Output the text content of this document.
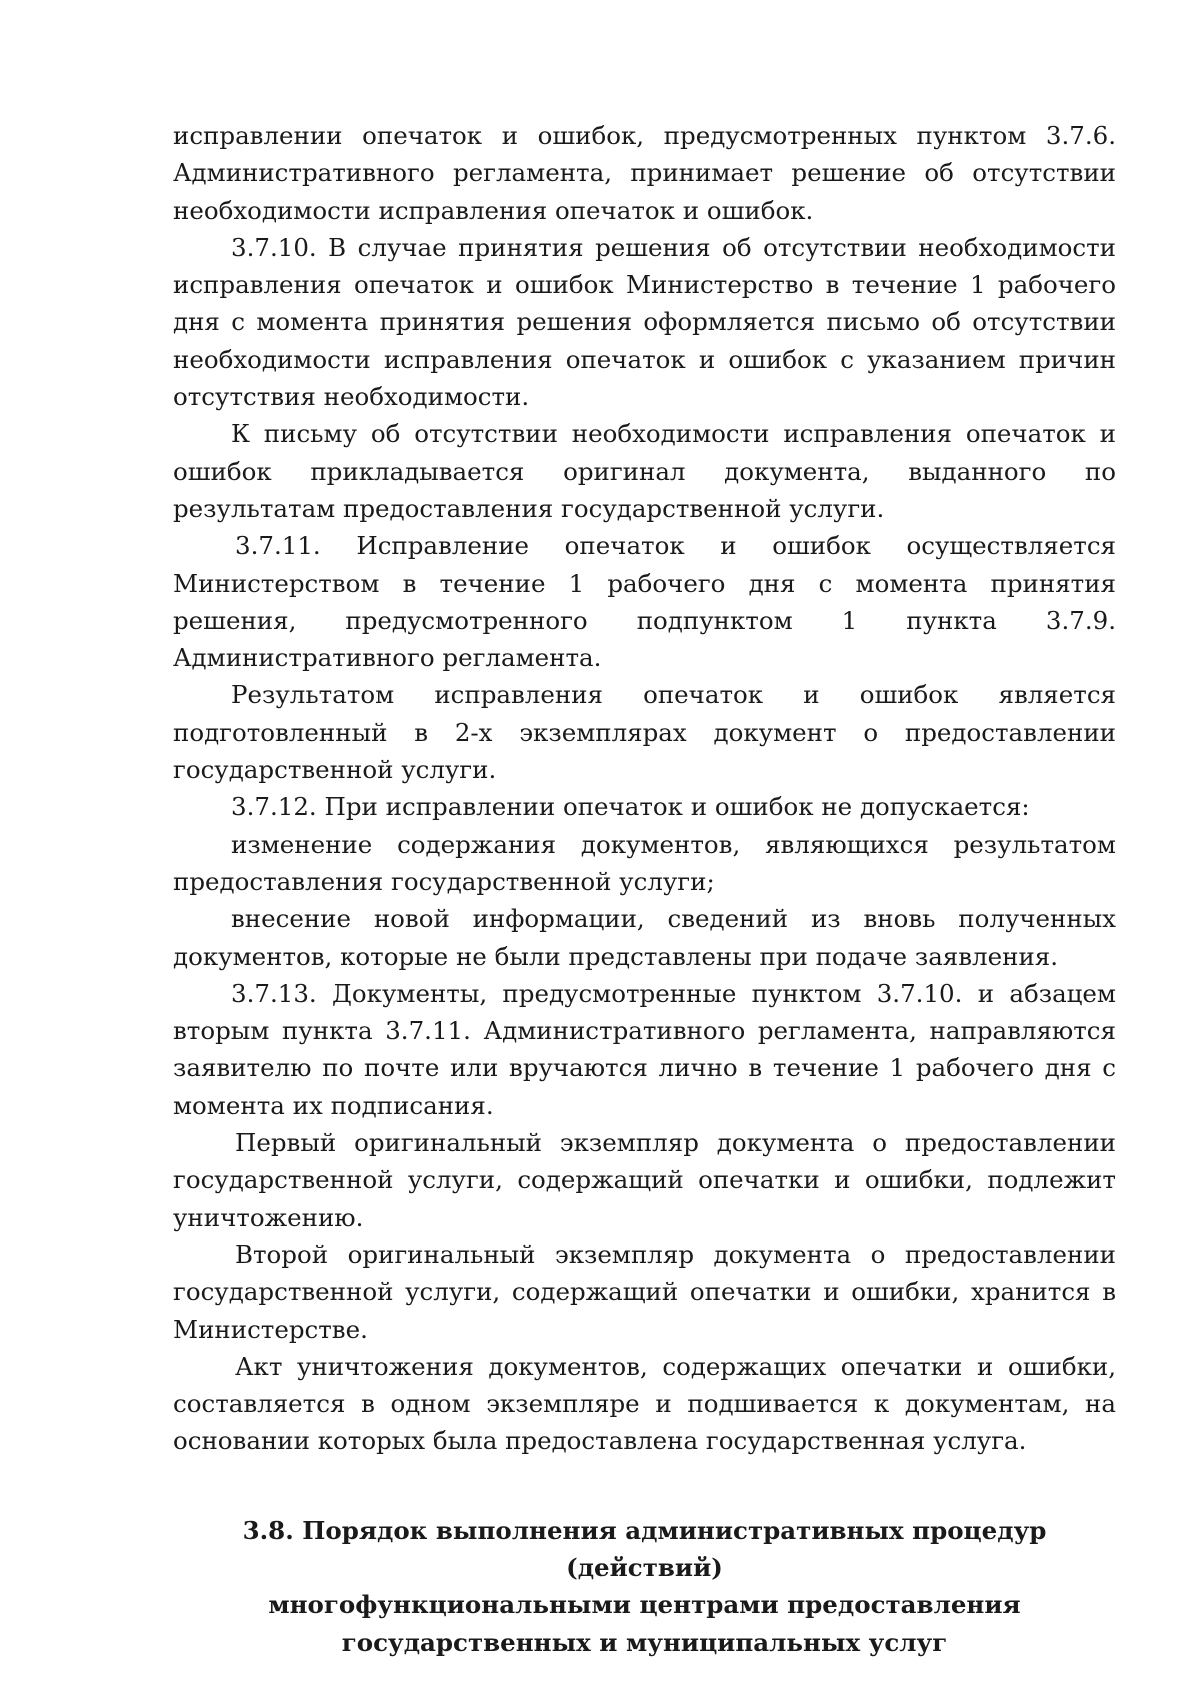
исправлении опечаток и ошибок, предусмотренных пунктом 3.7.6. Административного регламента, принимает решение об отсутствии необходимости исправления опечаток и ошибок.

3.7.10. В случае принятия решения об отсутствии необходимости исправления опечаток и ошибок Министерство в течение 1 рабочего дня с момента принятия решения оформляется письмо об отсутствии необходимости исправления опечаток и ошибок с указанием причин отсутствия необходимости.

К письму об отсутствии необходимости исправления опечаток и ошибок прикладывается оригинал документа, выданного по результатам предоставления государственной услуги.

3.7.11. Исправление опечаток и ошибок осуществляется Министерством в течение 1 рабочего дня с момента принятия решения, предусмотренного подпунктом 1 пункта 3.7.9. Административного регламента.

Результатом исправления опечаток и ошибок является подготовленный в 2-х экземплярах документ о предоставлении государственной услуги.

3.7.12. При исправлении опечаток и ошибок не допускается:

изменение содержания документов, являющихся результатом предоставления государственной услуги;

внесение новой информации, сведений из вновь полученных документов, которые не были представлены при подаче заявления.

3.7.13. Документы, предусмотренные пунктом 3.7.10. и абзацем вторым пункта 3.7.11. Административного регламента, направляются заявителю по почте или вручаются лично в течение 1 рабочего дня с момента их подписания.

Первый оригинальный экземпляр документа о предоставлении государственной услуги, содержащий опечатки и ошибки, подлежит уничтожению.

Второй оригинальный экземпляр документа о предоставлении государственной услуги, содержащий опечатки и ошибки, хранится в Министерстве.

Акт уничтожения документов, содержащих опечатки и ошибки, составляется в одном экземпляре и подшивается к документам, на основании которых была предоставлена государственная услуга.

3.8. Порядок выполнения административных процедур (действий)
многофункциональными центрами предоставления
государственных и муниципальных услуг
